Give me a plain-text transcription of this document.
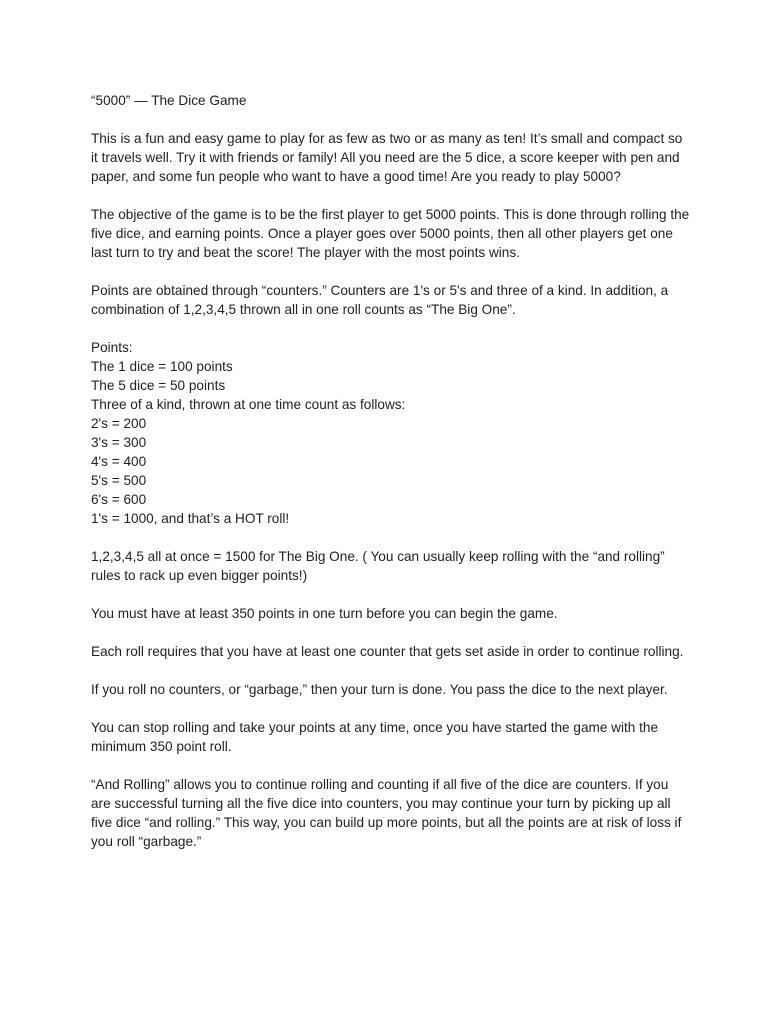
“5000” — The Dice Game

This is a fun and easy game to play for as few as two or as many as ten! It’s small and compact so it travels well. Try it with friends or family! All you need are the 5 dice, a score keeper with pen and paper, and some fun people who want to have a good time! Are you ready to play 5000?

The objective of the game is to be the first player to get 5000 points. This is done through rolling the five dice, and earning points. Once a player goes over 5000 points, then all other players get one last turn to try and beat the score! The player with the most points wins.

Points are obtained through “counters.” Counters are 1's or 5's and three of a kind. In addition, a combination of 1,2,3,4,5 thrown all in one roll counts as “The Big One”.

Points:
The 1 dice = 100 points
The 5 dice = 50 points
Three of a kind, thrown at one time count as follows:
2's = 200
3's = 300
4's = 400
5's = 500
6's = 600
1's = 1000, and that’s a HOT roll!

1,2,3,4,5 all at once = 1500 for The Big One. ( You can usually keep rolling with the “and rolling” rules to rack up even bigger points!)

You must have at least 350 points in one turn before you can begin the game.

Each roll requires that you have at least one counter that gets set aside in order to continue rolling.

If you roll no counters, or “garbage,” then your turn is done. You pass the dice to the next player.

You can stop rolling and take your points at any time, once you have started the game with the minimum 350 point roll.

“And Rolling” allows you to continue rolling and counting if all five of the dice are counters. If you are successful turning all the five dice into counters, you may continue your turn by picking up all five dice “and rolling.” This way, you can build up more points, but all the points are at risk of loss if you roll “garbage.”
